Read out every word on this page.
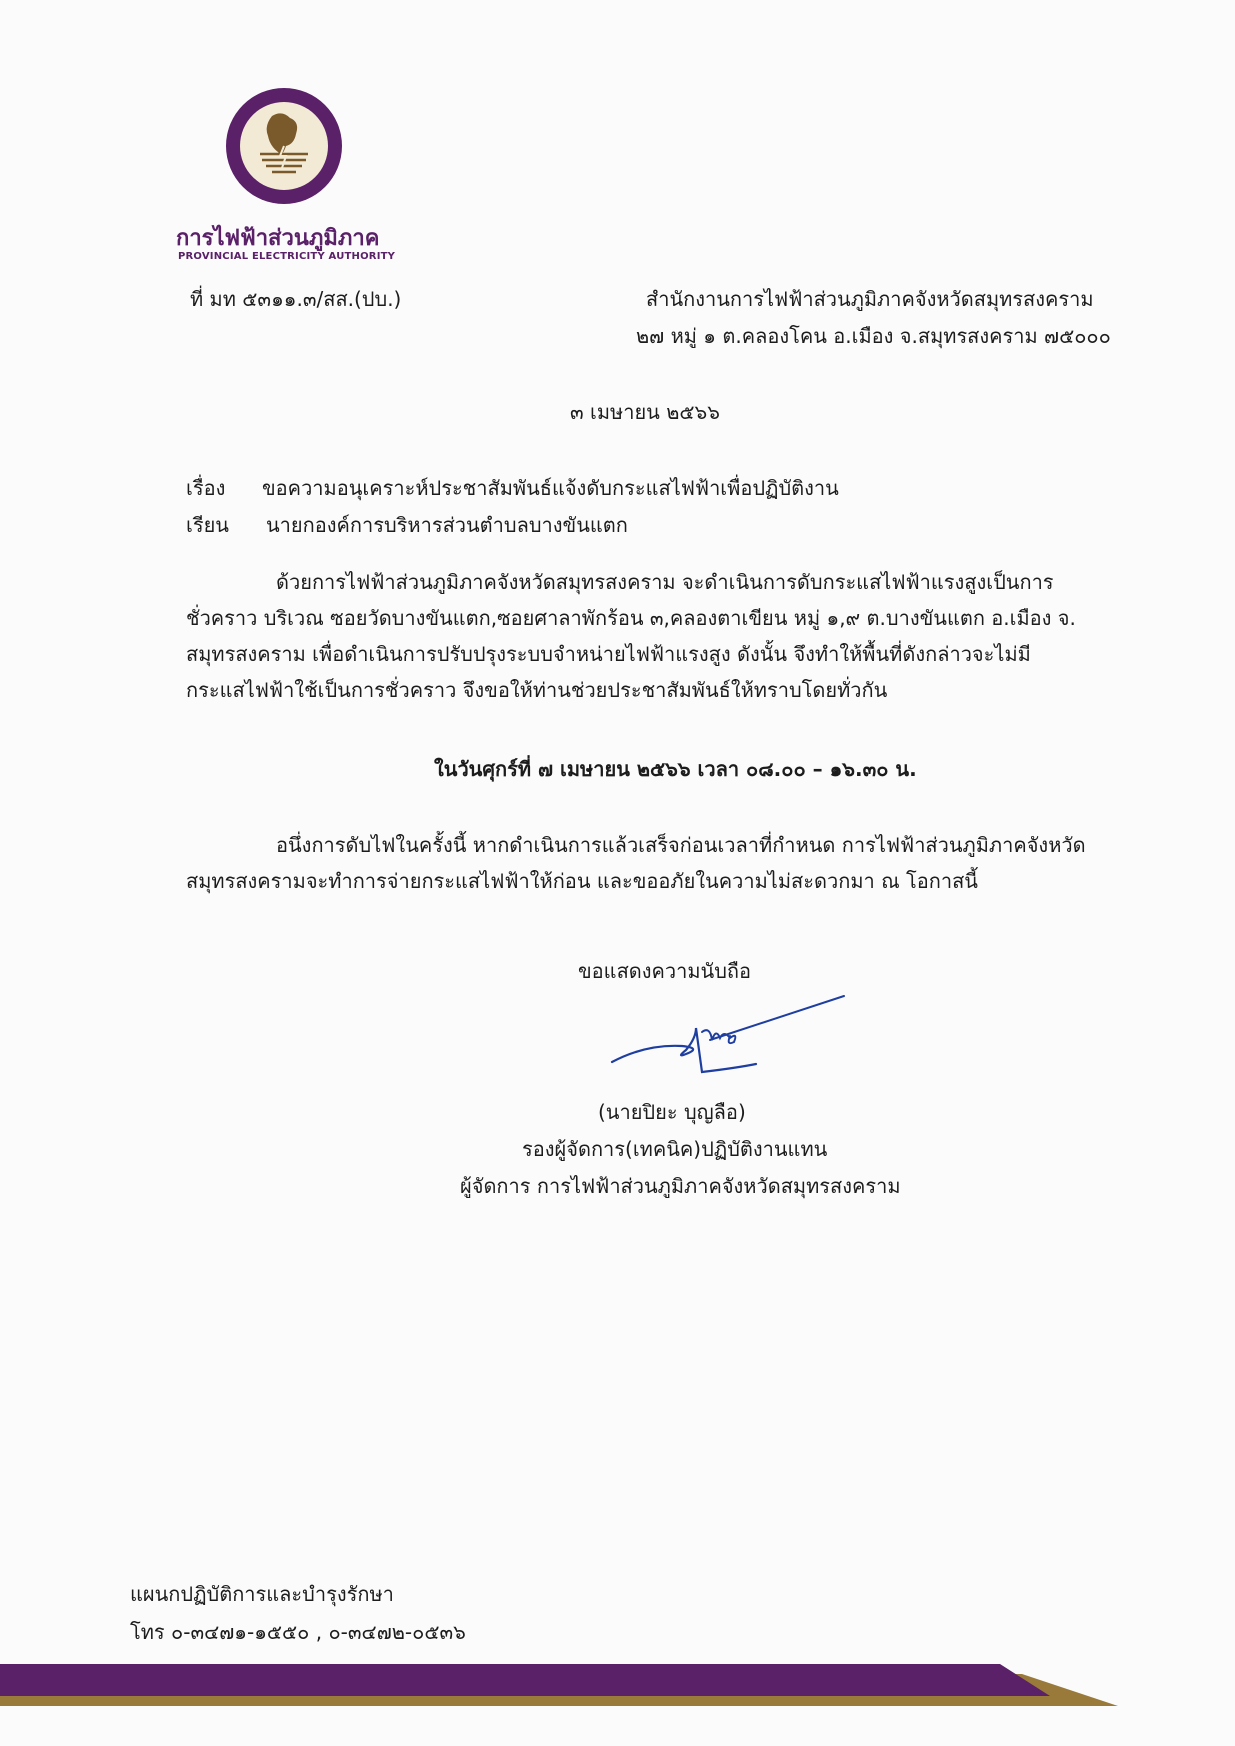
การไฟฟ้าส่วนภูมิภาค
PROVINCIAL ELECTRICITY AUTHORITY
ที่ มท ๕๓๑๑.๓/สส.(ปบ.)	สำนักงานการไฟฟ้าส่วนภูมิภาคจังหวัดสมุทรสงคราม
๒๗ หมู่ ๑ ต.คลองโคน อ.เมือง จ.สมุทรสงคราม ๗๕๐๐๐
๓ เมษายน ๒๕๖๖
เรื่อง ขอความอนุเคราะห์ประชาสัมพันธ์แจ้งดับกระแสไฟฟ้าเพื่อปฏิบัติงาน
เรียน นายกองค์การบริหารส่วนตำบลบางขันแตก
ด้วยการไฟฟ้าส่วนภูมิภาคจังหวัดสมุทรสงคราม จะดำเนินการดับกระแสไฟฟ้าแรงสูงเป็นการ
ชั่วคราว บริเวณ ซอยวัดบางขันแตก,ซอยศาลาพักร้อน ๓,คลองตาเขียน หมู่ ๑,๙ ต.บางขันแตก อ.เมือง จ.
สมุทรสงคราม เพื่อดำเนินการปรับปรุงระบบจำหน่ายไฟฟ้าแรงสูง ดังนั้น จึงทำให้พื้นที่ดังกล่าวจะไม่มี
กระแสไฟฟ้าใช้เป็นการชั่วคราว จึงขอให้ท่านช่วยประชาสัมพันธ์ให้ทราบโดยทั่วกัน
ในวันศุกร์ที่ ๗ เมษายน ๒๕๖๖ เวลา ๐๘.๐๐ – ๑๖.๓๐ น.
อนึ่งการดับไฟในครั้งนี้ หากดำเนินการแล้วเสร็จก่อนเวลาที่กำหนด การไฟฟ้าส่วนภูมิภาคจังหวัด
สมุทรสงครามจะทำการจ่ายกระแสไฟฟ้าให้ก่อน และขออภัยในความไม่สะดวกมา ณ โอกาสนี้
ขอแสดงความนับถือ
(นายปิยะ บุญลือ)
รองผู้จัดการ(เทคนิค)ปฏิบัติงานแทน
ผู้จัดการ การไฟฟ้าส่วนภูมิภาคจังหวัดสมุทรสงคราม
แผนกปฏิบัติการและบำรุงรักษา
โทร ๐-๓๔๗๑-๑๕๕๐ , ๐-๓๔๗๒-๐๕๓๖
